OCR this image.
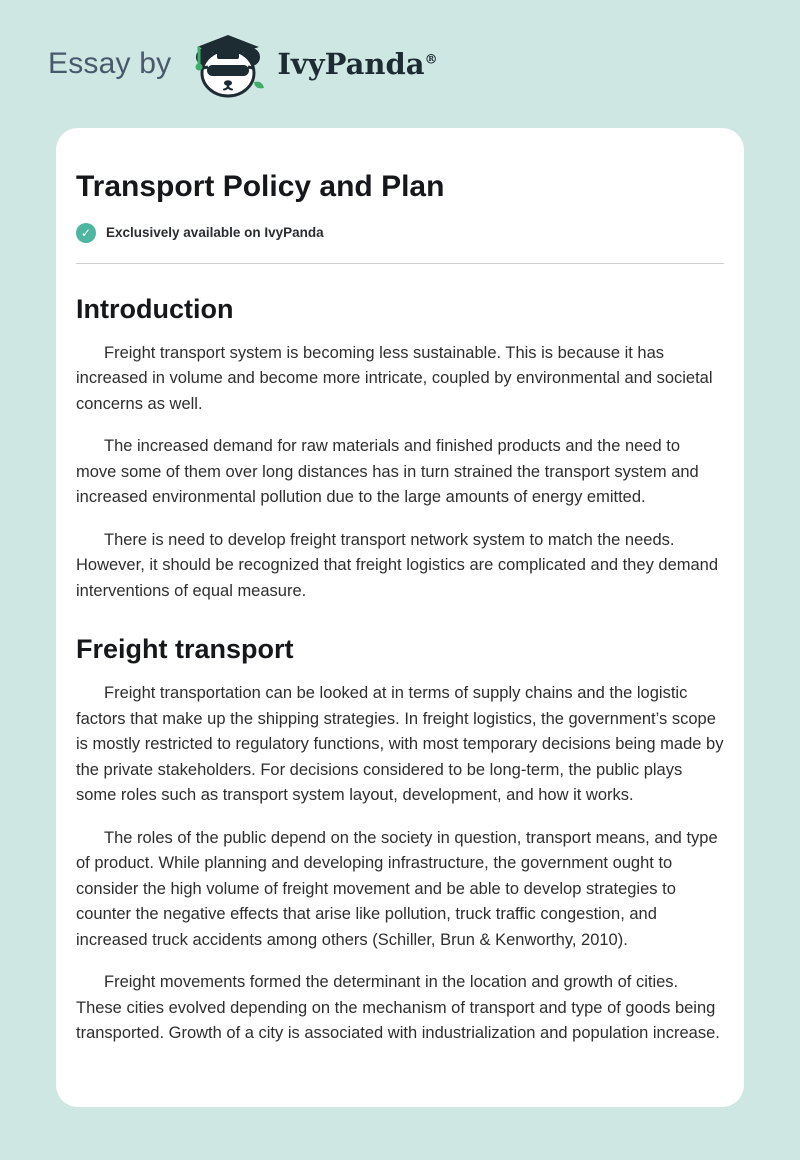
Essay by	IvyPanda®
Transport Policy and Plan
✓	Exclusively available on IvyPanda
Introduction

Freight transport system is becoming less sustainable. This is because it has increased in volume and become more intricate, coupled by environmental and societal concerns as well.

The increased demand for raw materials and finished products and the need to move some of them over long distances has in turn strained the transport system and increased environmental pollution due to the large amounts of energy emitted.

There is need to develop freight transport network system to match the needs. However, it should be recognized that freight logistics are complicated and they demand interventions of equal measure.

Freight transport

Freight transportation can be looked at in terms of supply chains and the logistic factors that make up the shipping strategies. In freight logistics, the government’s scope is mostly restricted to regulatory functions, with most temporary decisions being made by the private stakeholders. For decisions considered to be long-term, the public plays some roles such as transport system layout, development, and how it works.

The roles of the public depend on the society in question, transport means, and type of product. While planning and developing infrastructure, the government ought to consider the high volume of freight movement and be able to develop strategies to counter the negative effects that arise like pollution, truck traffic congestion, and increased truck accidents among others (Schiller, Brun & Kenworthy, 2010).

Freight movements formed the determinant in the location and growth of cities. These cities evolved depending on the mechanism of transport and type of goods being transported. Growth of a city is associated with industrialization and population increase.
